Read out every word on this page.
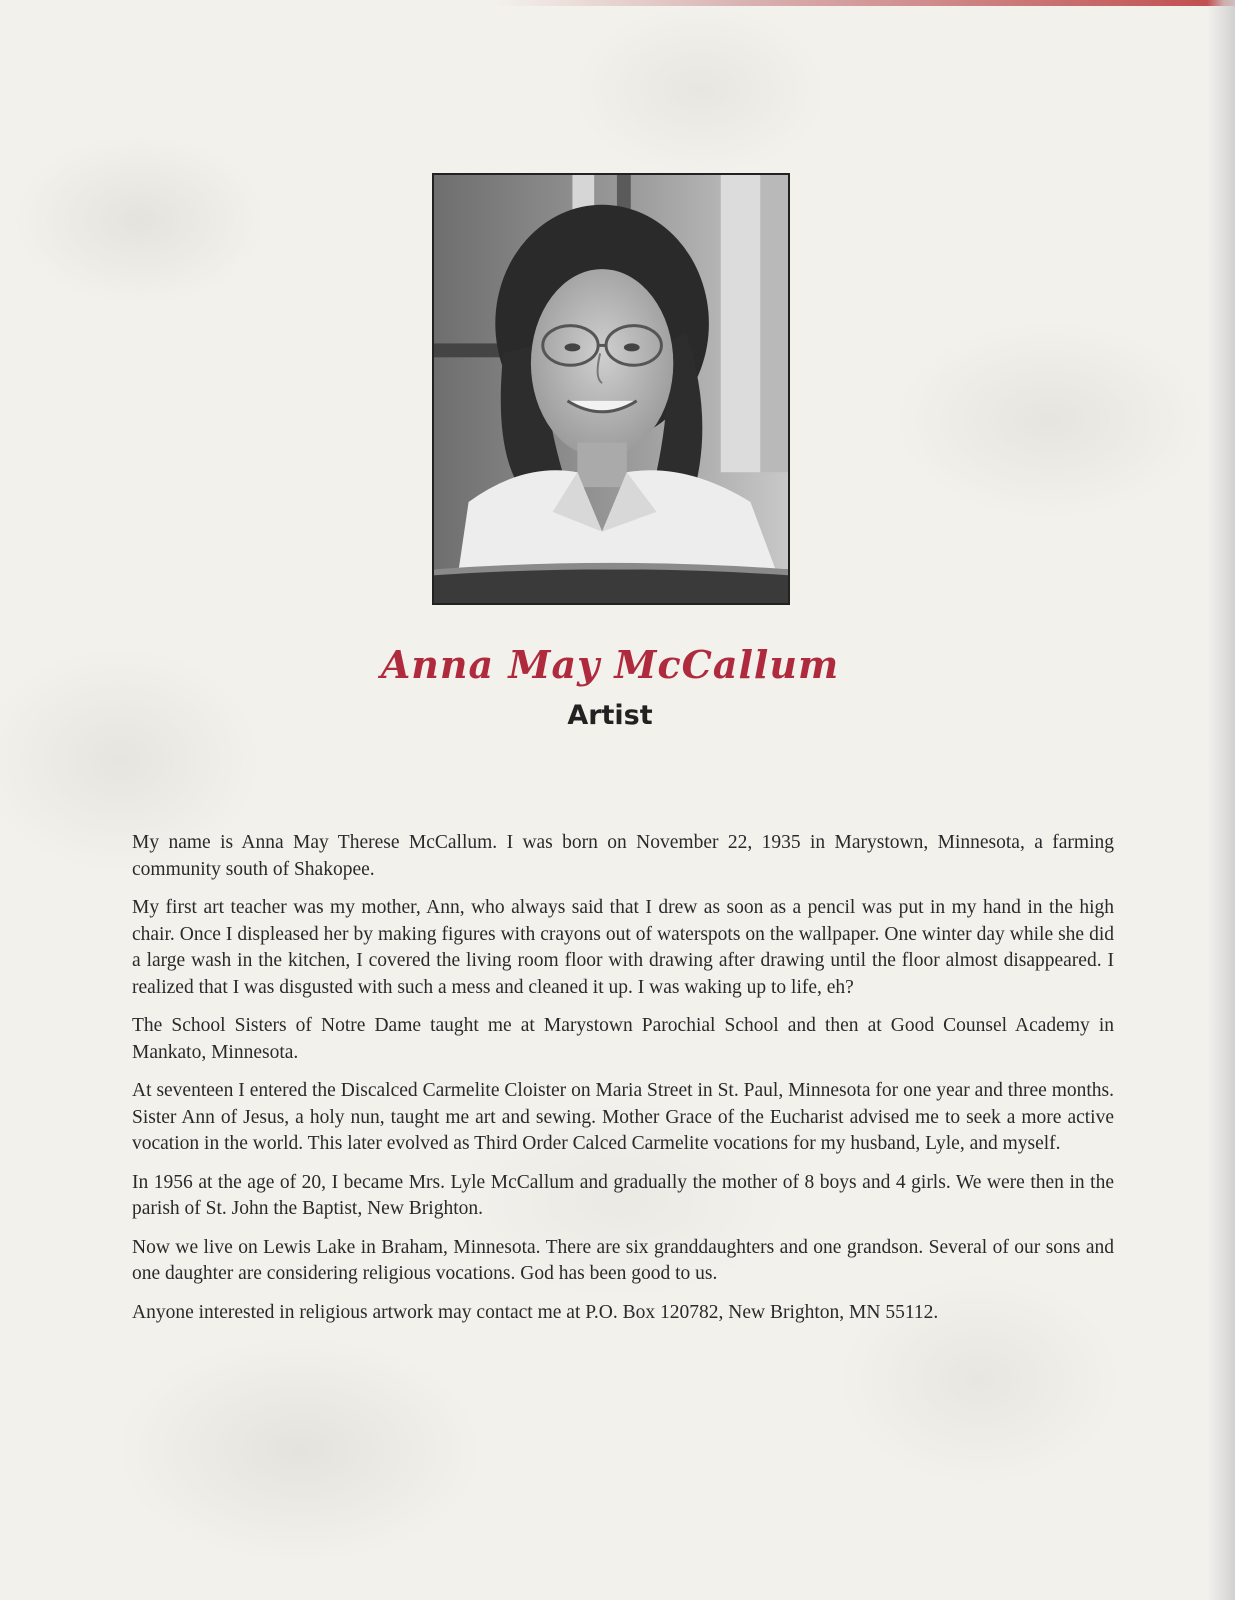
Anna May McCallum
Artist

My name is Anna May Therese McCallum. I was born on November 22, 1935 in Marystown, Minnesota, a farming community south of Shakopee.

My first art teacher was my mother, Ann, who always said that I drew as soon as a pencil was put in my hand in the high chair. Once I displeased her by making figures with crayons out of waterspots on the wallpaper. One winter day while she did a large wash in the kitchen, I covered the living room floor with drawing after drawing until the floor almost disappeared. I realized that I was disgusted with such a mess and cleaned it up. I was waking up to life, eh?

The School Sisters of Notre Dame taught me at Marystown Parochial School and then at Good Counsel Academy in Mankato, Minnesota.

At seventeen I entered the Discalced Carmelite Cloister on Maria Street in St. Paul, Minnesota for one year and three months. Sister Ann of Jesus, a holy nun, taught me art and sewing. Mother Grace of the Eucharist advised me to seek a more active vocation in the world. This later evolved as Third Order Calced Carmelite vocations for my husband, Lyle, and myself.

In 1956 at the age of 20, I became Mrs. Lyle McCallum and gradually the mother of 8 boys and 4 girls. We were then in the parish of St. John the Baptist, New Brighton.

Now we live on Lewis Lake in Braham, Minnesota. There are six granddaughters and one grandson. Several of our sons and one daughter are considering religious vocations. God has been good to us.

Anyone interested in religious artwork may contact me at P.O. Box 120782, New Brighton, MN 55112.
